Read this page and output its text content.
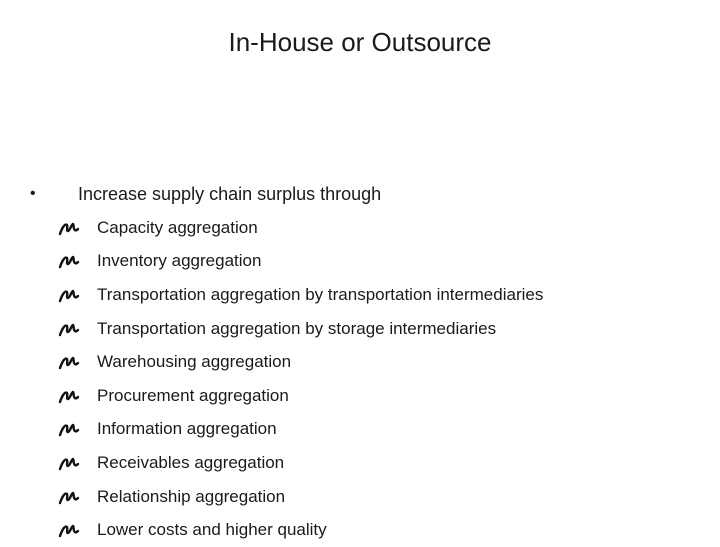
In-House or Outsource
•	Increase supply chain surplus through
Capacity aggregation
Inventory aggregation
Transportation aggregation by transportation intermediaries
Transportation aggregation by storage intermediaries
Warehousing aggregation
Procurement aggregation
Information aggregation
Receivables aggregation
Relationship aggregation
Lower costs and higher quality
